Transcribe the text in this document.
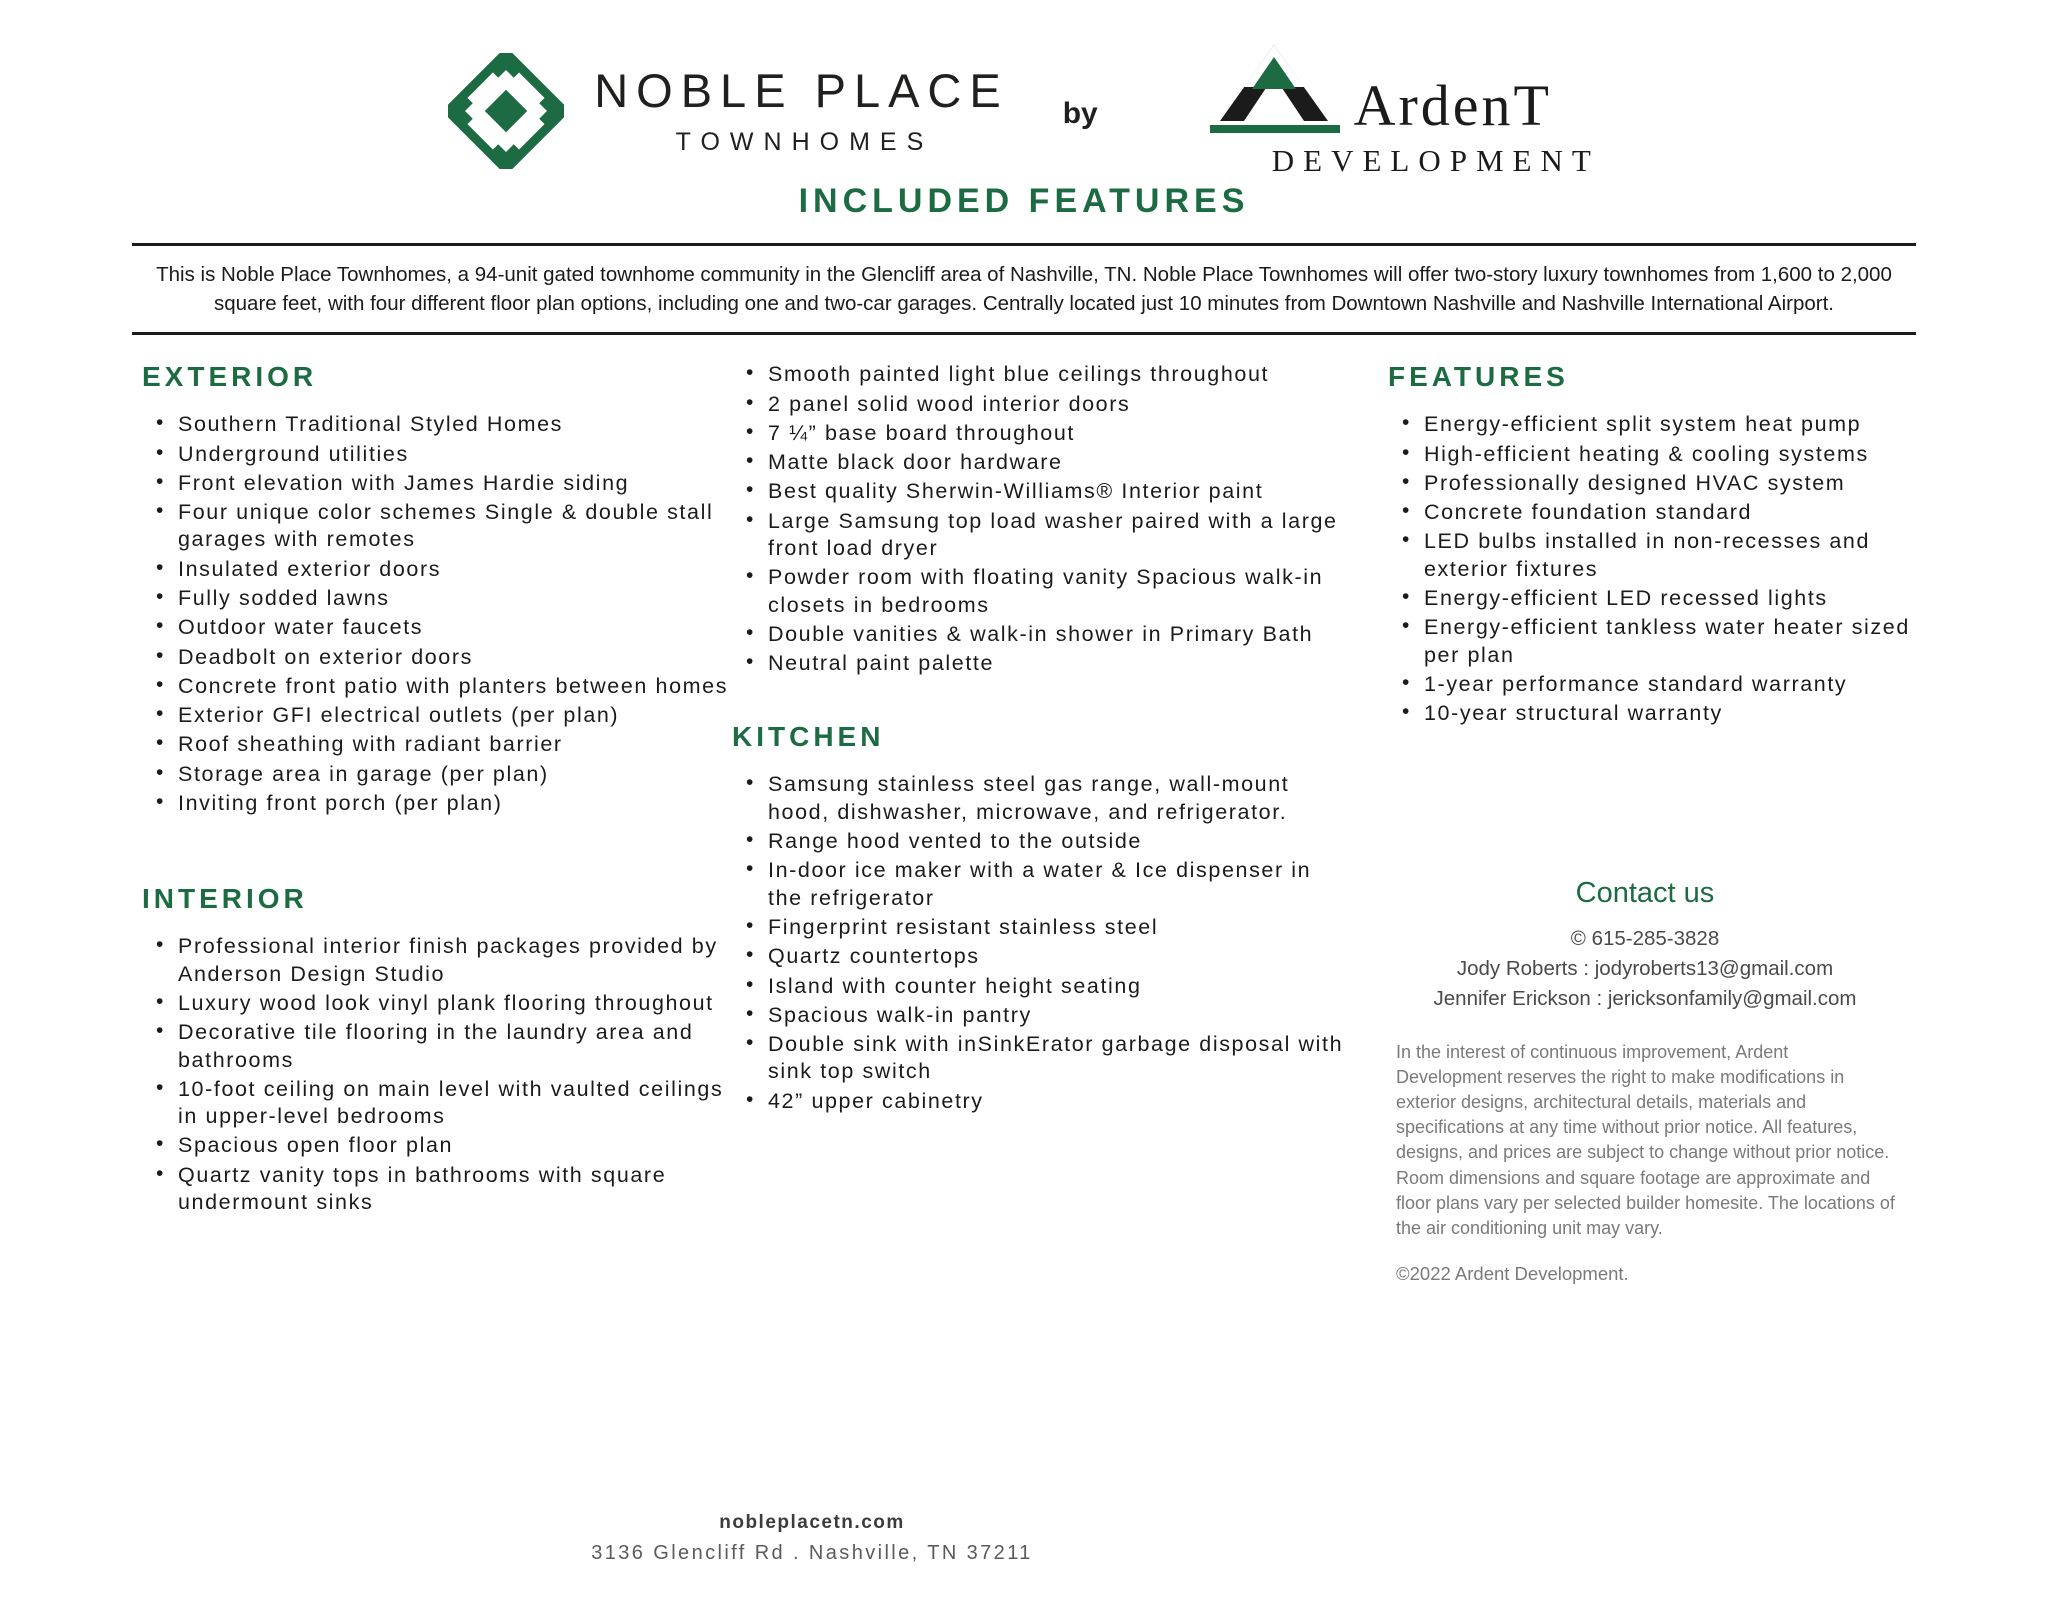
NOBLE PLACE
TOWNHOMES
by	ArdenT
DEVELOPMENT
INCLUDED FEATURES
This is Noble Place Townhomes, a 94-unit gated townhome community in the Glencliff area of Nashville, TN. Noble Place Townhomes will offer two-story luxury townhomes from 1,600 to 2,000 square feet, with four different floor plan options, including one and two-car garages. Centrally located just 10 minutes from Downtown Nashville and Nashville International Airport.
EXTERIOR
• Southern Traditional Styled Homes
• Underground utilities
• Front elevation with James Hardie siding
• Four unique color schemes Single & double stall garages with remotes
• Insulated exterior doors
• Fully sodded lawns
• Outdoor water faucets
• Deadbolt on exterior doors
• Concrete front patio with planters between homes
• Exterior GFI electrical outlets (per plan)
• Roof sheathing with radiant barrier
• Storage area in garage (per plan)
• Inviting front porch (per plan)
INTERIOR
• Professional interior finish packages provided by Anderson Design Studio
• Luxury wood look vinyl plank flooring throughout
• Decorative tile flooring in the laundry area and bathrooms
• 10-foot ceiling on main level with vaulted ceilings in upper-level bedrooms
• Spacious open floor plan
• Quartz vanity tops in bathrooms with square undermount sinks
• Smooth painted light blue ceilings throughout
• 2 panel solid wood interior doors
• 7 ¼” base board throughout
• Matte black door hardware
• Best quality Sherwin-Williams® Interior paint
• Large Samsung top load washer paired with a large front load dryer
• Powder room with floating vanity Spacious walk-in closets in bedrooms
• Double vanities & walk-in shower in Primary Bath
• Neutral paint palette
KITCHEN
• Samsung stainless steel gas range, wall-mount hood, dishwasher, microwave, and refrigerator.
• Range hood vented to the outside
• In-door ice maker with a water & Ice dispenser in the refrigerator
• Fingerprint resistant stainless steel
• Quartz countertops
• Island with counter height seating
• Spacious walk-in pantry
• Double sink with inSinkErator garbage disposal with sink top switch
• 42” upper cabinetry
FEATURES
• Energy-efficient split system heat pump
• High-efficient heating & cooling systems
• Professionally designed HVAC system
• Concrete foundation standard
• LED bulbs installed in non-recesses and exterior fixtures
• Energy-efficient LED recessed lights
• Energy-efficient tankless water heater sized per plan
• 1-year performance standard warranty
• 10-year structural warranty
Contact us
© 615-285-3828
Jody Roberts : jodyroberts13@gmail.com
Jennifer Erickson : jericksonfamily@gmail.com
In the interest of continuous improvement, Ardent Development reserves the right to make modifications in exterior designs, architectural details, materials and specifications at any time without prior notice. All features, designs, and prices are subject to change without prior notice. Room dimensions and square footage are approximate and floor plans vary per selected builder homesite. The locations of the air conditioning unit may vary.
©2022 Ardent Development.
nobleplacetn.com
3136 Glencliff Rd . Nashville, TN 37211
